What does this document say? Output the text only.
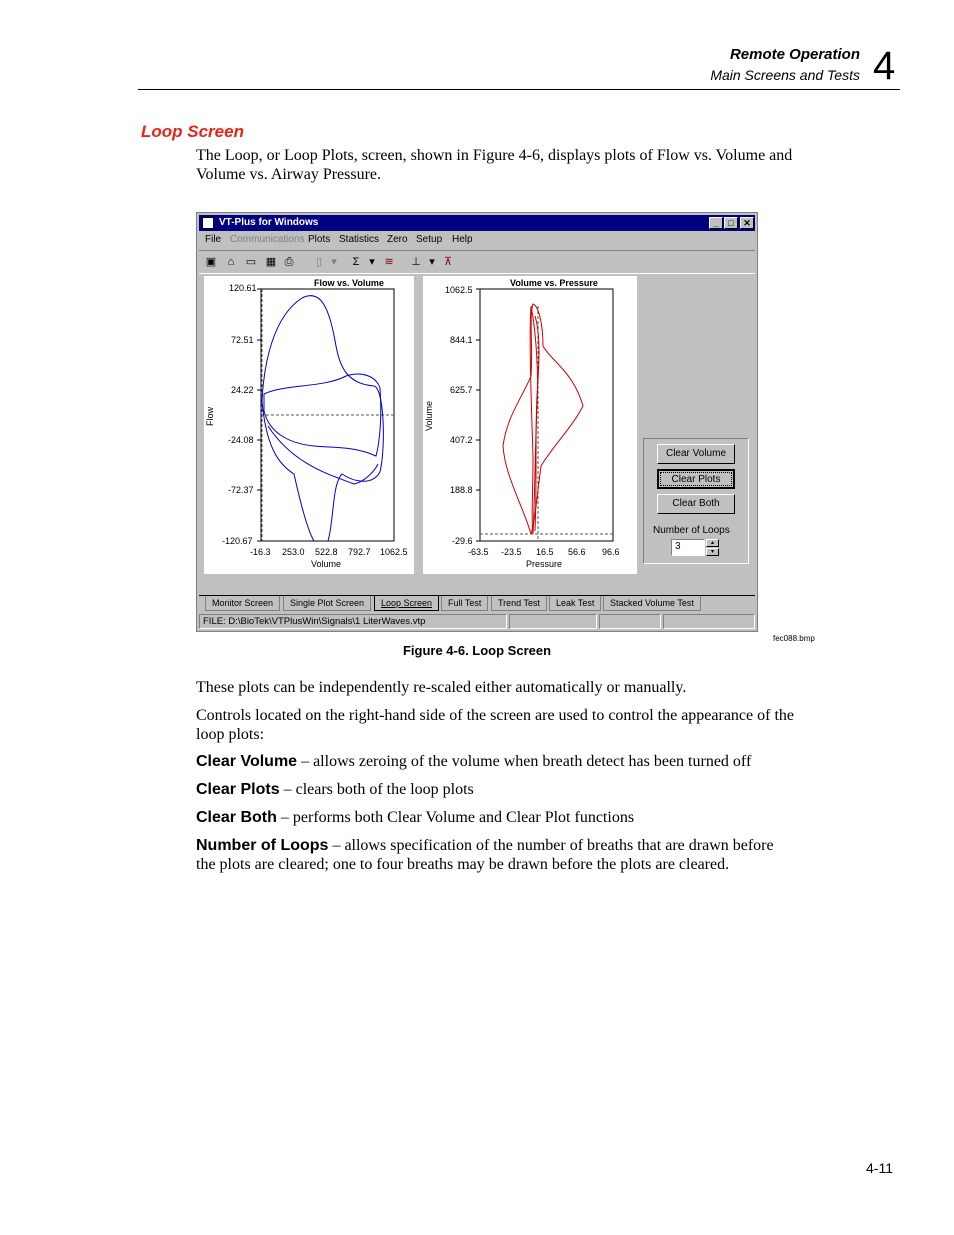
Remote Operation
Main Screens and Tests 4
Loop Screen
The Loop, or Loop Plots, screen, shown in Figure 4-6, displays plots of Flow vs. Volume and Volume vs. Airway Pressure.
VT-Plus for Windows	_	□	✕
File Communications Plots Statistics Zero Setup Help
▣	⌂	▭ ▦ ⎙	▯ ▾	Σ ▾ ≋ ⊥ ▾ ⊼
120.61
72.51
24.22
-24.08
-72.37
-120.67
-16.3 253.0 522.8 792.7 1062.5
Flow vs. Volume
Volume
Flow
1062.5
844.1
625.7
407.2
188.8
-29.6
-63.5 -23.5 16.5 56.6 96.6
Volume vs. Pressure
Pressure
Volume
Clear Volume
Clear Plots
Clear Both
Number of Loops
3	▴
▾
Monitor Screen	Single Plot Screen	Loop Screen	Full Test	Trend Test	Leak Test	Stacked Volume Test
FILE: D:\BioTek\VTPlusWin\Signals\1 LiterWaves.vtp
fec088.bmp
Figure 4-6. Loop Screen
These plots can be independently re-scaled either automatically or manually.
Controls located on the right-hand side of the screen are used to control the appearance of the loop plots:
Clear Volume – allows zeroing of the volume when breath detect has been turned off
Clear Plots – clears both of the loop plots
Clear Both – performs both Clear Volume and Clear Plot functions
Number of Loops – allows specification of the number of breaths that are drawn before the plots are cleared; one to four breaths may be drawn before the plots are cleared.
4-11
